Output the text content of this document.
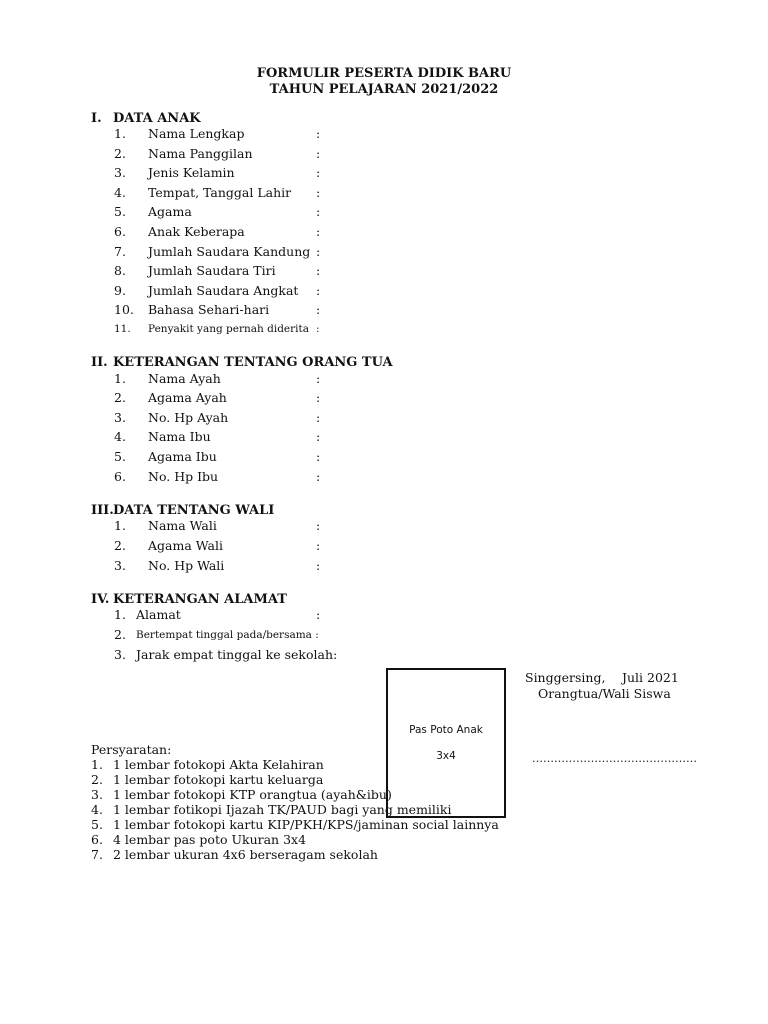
FORMULIR PESERTA DIDIK BARU
TAHUN PELAJARAN 2021/2022
I. DATA ANAK
1. Nama Lengkap	:
2. Nama Panggilan	:
3. Jenis Kelamin	:
4. Tempat, Tanggal Lahir :
5. Agama	:
6. Anak Keberapa	:
7. Jumlah Saudara Kandung :
8. Jumlah Saudara Tiri	:
9. Jumlah Saudara Angkat :
10. Bahasa Sehari-hari	:
11. Penyakit yang pernah diderita :
II. KETERANGAN TENTANG ORANG TUA
1. Nama Ayah	:
2. Agama Ayah	:
3. No. Hp Ayah	:
4. Nama Ibu	:
5. Agama Ibu	:
6. No. Hp Ibu	:
III. DATA TENTANG WALI
1. Nama Wali	:
2. Agama Wali	:
3. No. Hp Wali	:
IV. KETERANGAN ALAMAT
1. Alamat	:
2. Bertempat tinggal pada/bersama :
3. Jarak empat tinggal ke sekolah:
Pas Poto Anak
3x4
Singgersing, Juli 2021
Orangtua/Wali Siswa
………………………………………
Persyaratan:
1. 1 lembar fotokopi Akta Kelahiran
2. 1 lembar fotokopi kartu keluarga
3. 1 lembar fotokopi KTP orangtua (ayah&ibu)
4. 1 lembar fotikopi Ijazah TK/PAUD bagi yang memiliki
5. 1 lembar fotokopi kartu KIP/PKH/KPS/jaminan social lainnya
6. 4 lembar pas poto Ukuran 3x4
7. 2 lembar ukuran 4x6 berseragam sekolah
